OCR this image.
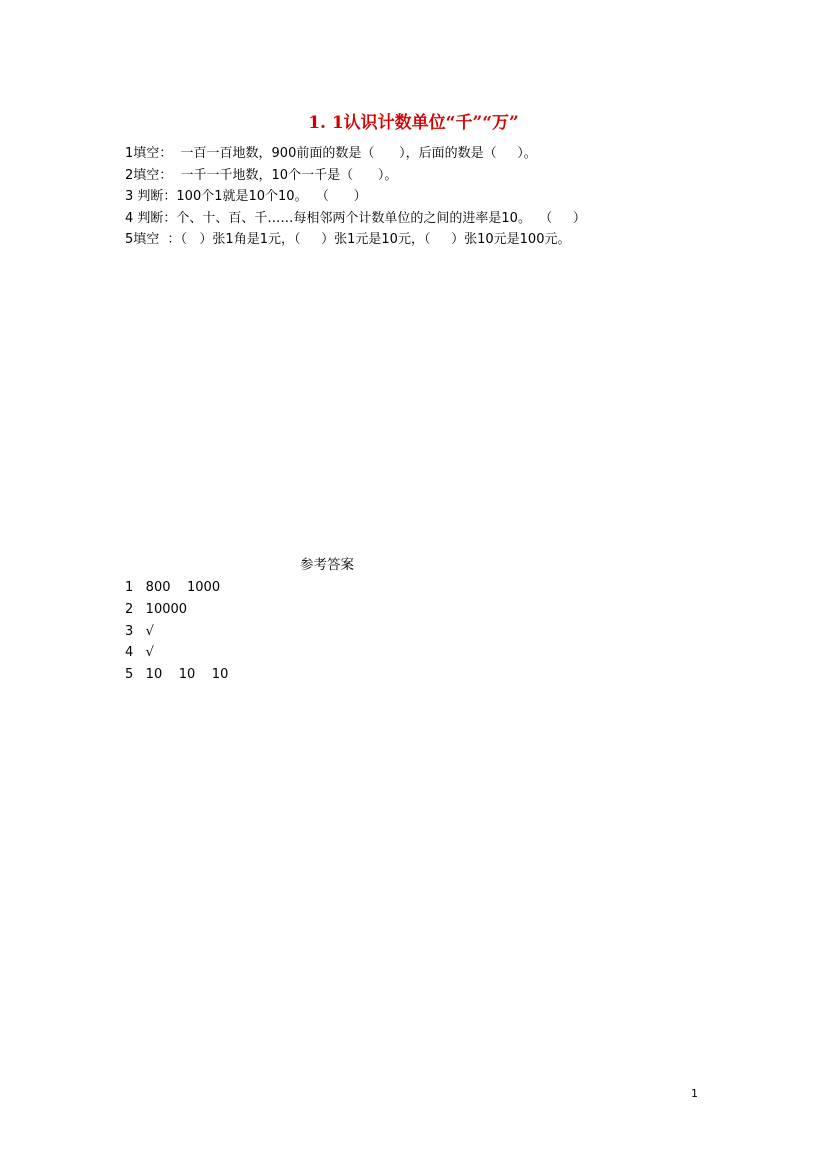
1. 1认识计数单位“千”“万”
1填空：  一百一百地数，900前面的数是（      ），后面的数是（     ）。
2填空：  一千一千地数，10个一千是（      ）。
3 判断：100个1就是10个10。  （      ）
4 判断：个、十、百、千……每相邻两个计数单位的之间的进率是10。  （     ）
5填空  ：（   ）张1角是1元，（     ）张1元是10元，（     ）张10元是100元。
参考答案
1   800    1000
2   10000
3   √
4   √
5   10    10    10
1
